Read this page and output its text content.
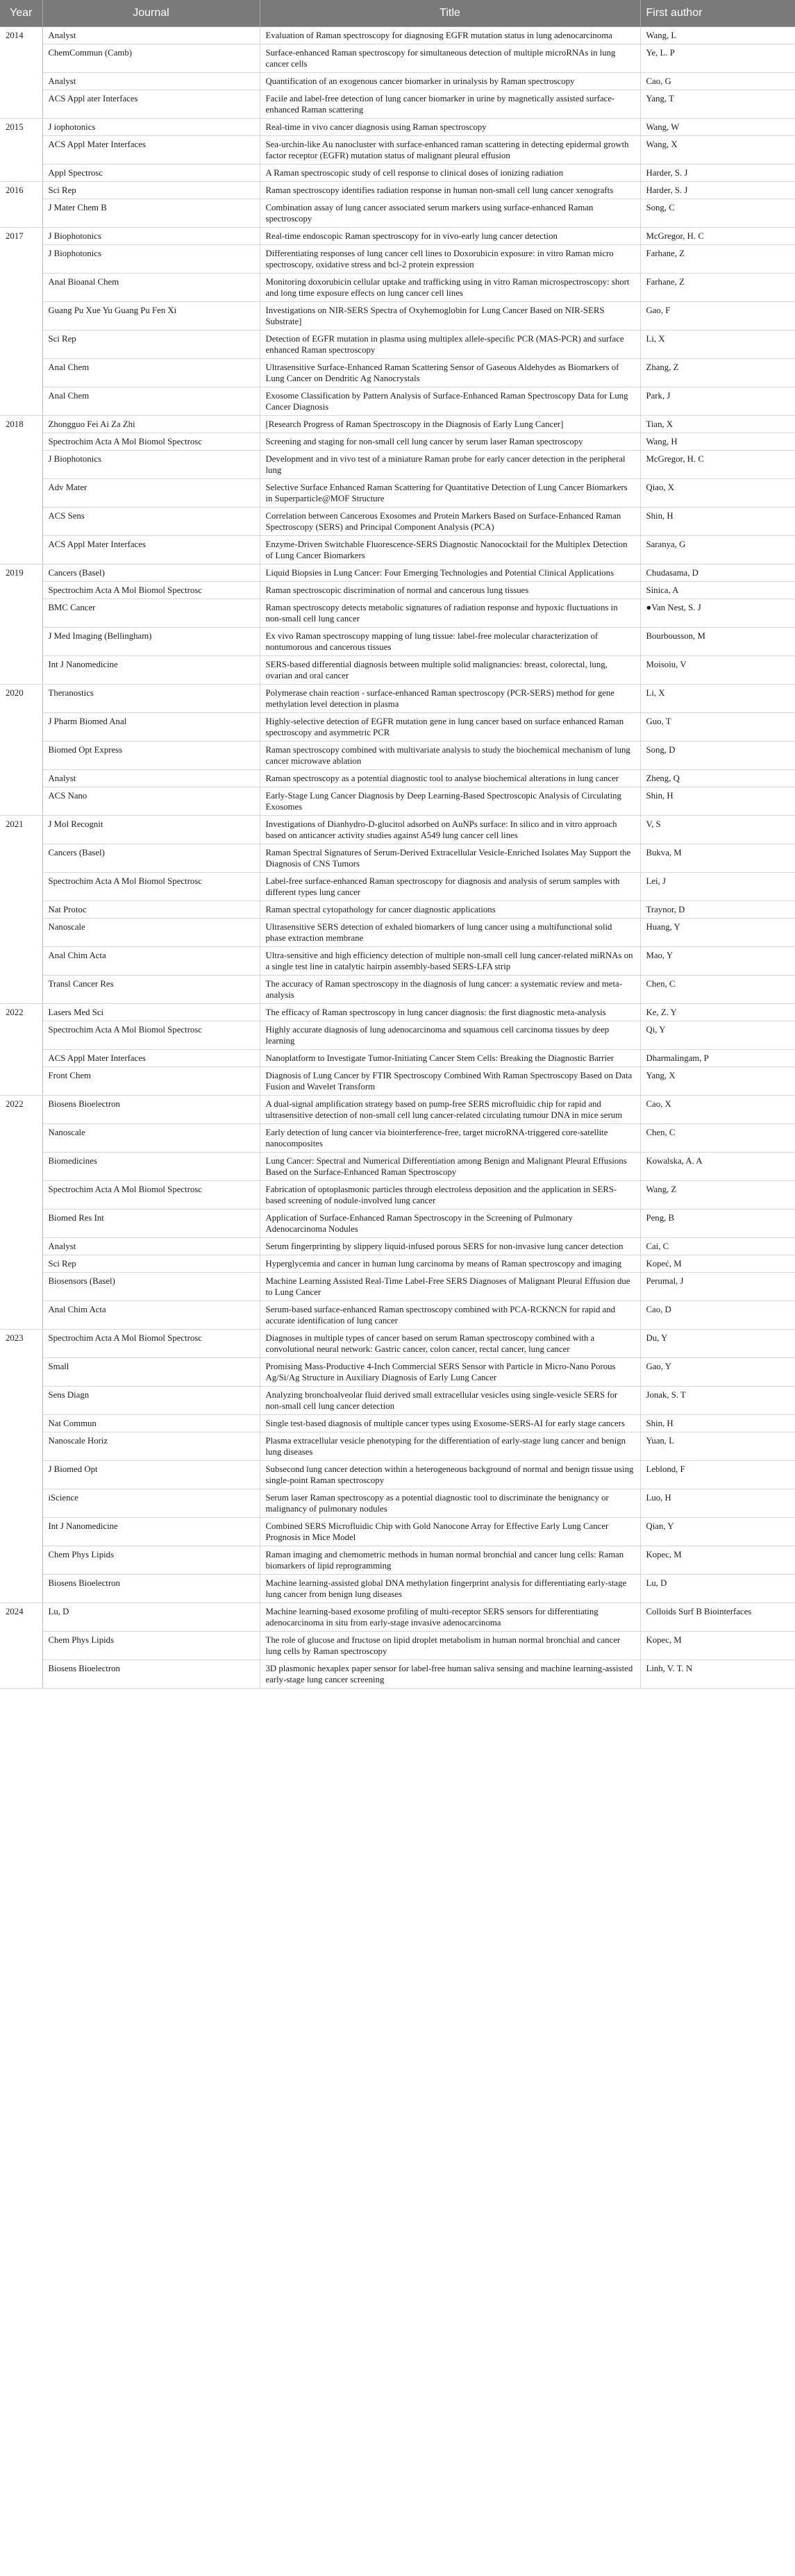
Year	Journal	Title	First author
2014	Analyst	Evaluation of Raman spectroscopy for diagnosing EGFR mutation status in lung adenocarcinoma	Wang, L
	ChemCommun (Camb)	Surface-enhanced Raman spectroscopy for simultaneous detection of multiple microRNAs in lung cancer cells	Ye, L. P
	Analyst	Quantification of an exogenous cancer biomarker in urinalysis by Raman spectroscopy	Cao, G
	ACS Appl ater Interfaces	Facile and label-free detection of lung cancer biomarker in urine by magnetically assisted surface-enhanced Raman scattering	Yang, T
2015	J iophotonics	Real-time in vivo cancer diagnosis using Raman spectroscopy	Wang, W
	ACS Appl Mater Interfaces	Sea-urchin-like Au nanocluster with surface-enhanced raman scattering in detecting epidermal growth factor receptor (EGFR) mutation status of malignant pleural effusion	Wang, X
	Appl Spectrosc	A Raman spectroscopic study of cell response to clinical doses of ionizing radiation	Harder, S. J
2016	Sci Rep	Raman spectroscopy identifies radiation response in human non-small cell lung cancer xenografts	Harder, S. J
	J Mater Chem B	Combination assay of lung cancer associated serum markers using surface-enhanced Raman spectroscopy	Song, C
2017	J Biophotonics	Real-time endoscopic Raman spectroscopy for in vivo-early lung cancer detection	McGregor, H. C
	J Biophotonics	Differentiating responses of lung cancer cell lines to Doxorubicin exposure: in vitro Raman micro spectroscopy, oxidative stress and bcl-2 protein expression	Farhane, Z
	Anal Bioanal Chem	Monitoring doxorubicin cellular uptake and trafficking using in vitro Raman microspectroscopy: short and long time exposure effects on lung cancer cell lines	Farhane, Z
	Guang Pu Xue Yu Guang Pu Fen Xi	Investigations on NIR-SERS Spectra of Oxyhemoglobin for Lung Cancer Based on NIR-SERS Substrate]	Gao, F
	Sci Rep	Detection of EGFR mutation in plasma using multiplex allele-specific PCR (MAS-PCR) and surface enhanced Raman spectroscopy	Li, X
	Anal Chem	Ultrasensitive Surface-Enhanced Raman Scattering Sensor of Gaseous Aldehydes as Biomarkers of Lung Cancer on Dendritic Ag Nanocrystals	Zhang, Z
	Anal Chem	Exosome Classification by Pattern Analysis of Surface-Enhanced Raman Spectroscopy Data for Lung Cancer Diagnosis	Park, J
2018	Zhongguo Fei Ai Za Zhi	[Research Progress of Raman Spectroscopy in the Diagnosis of Early Lung Cancer]	Tian, X
	Spectrochim Acta A Mol Biomol Spectrosc	Screening and staging for non-small cell lung cancer by serum laser Raman spectroscopy	Wang, H
	J Biophotonics	Development and in vivo test of a miniature Raman probe for early cancer detection in the peripheral lung	McGregor, H. C
	Adv Mater	Selective Surface Enhanced Raman Scattering for Quantitative Detection of Lung Cancer Biomarkers in Superparticle@MOF Structure	Qiao, X
	ACS Sens	Correlation between Cancerous Exosomes and Protein Markers Based on Surface-Enhanced Raman Spectroscopy (SERS) and Principal Component Analysis (PCA)	Shin, H
	ACS Appl Mater Interfaces	Enzyme-Driven Switchable Fluorescence-SERS Diagnostic Nanococktail for the Multiplex Detection of Lung Cancer Biomarkers	Saranya, G
2019	Cancers (Basel)	Liquid Biopsies in Lung Cancer: Four Emerging Technologies and Potential Clinical Applications	Chudasama, D
	Spectrochim Acta A Mol Biomol Spectrosc	Raman spectroscopic discrimination of normal and cancerous lung tissues	Sinica, A
	BMC Cancer	Raman spectroscopy detects metabolic signatures of radiation response and hypoxic fluctuations in non-small cell lung cancer	●Van Nest, S. J
	J Med Imaging (Bellingham)	Ex vivo Raman spectroscopy mapping of lung tissue: label-free molecular characterization of nontumorous and cancerous tissues	Bourbousson, M
	Int J Nanomedicine	SERS-based differential diagnosis between multiple solid malignancies: breast, colorectal, lung, ovarian and oral cancer	Moisoiu, V
2020	Theranostics	Polymerase chain reaction - surface-enhanced Raman spectroscopy (PCR-SERS) method for gene methylation level detection in plasma	Li, X
	J Pharm Biomed Anal	Highly-selective detection of EGFR mutation gene in lung cancer based on surface enhanced Raman spectroscopy and asymmetric PCR	Guo, T
	Biomed Opt Express	Raman spectroscopy combined with multivariate analysis to study the biochemical mechanism of lung cancer microwave ablation	Song, D
	Analyst	Raman spectroscopy as a potential diagnostic tool to analyse biochemical alterations in lung cancer	Zheng, Q
	ACS Nano	Early-Stage Lung Cancer Diagnosis by Deep Learning-Based Spectroscopic Analysis of Circulating Exosomes	Shin, H
2021	J Mol Recognit	Investigations of Dianhydro-D-glucitol adsorbed on AuNPs surface: In silico and in vitro approach based on anticancer activity studies against A549 lung cancer cell lines	V, S
	Cancers (Basel)	Raman Spectral Signatures of Serum-Derived Extracellular Vesicle-Enriched Isolates May Support the Diagnosis of CNS Tumors	Bukva, M
	Spectrochim Acta A Mol Biomol Spectrosc	Label-free surface-enhanced Raman spectroscopy for diagnosis and analysis of serum samples with different types lung cancer	Lei, J
	Nat Protoc	Raman spectral cytopathology for cancer diagnostic applications	Traynor, D
	Nanoscale	Ultrasensitive SERS detection of exhaled biomarkers of lung cancer using a multifunctional solid phase extraction membrane	Huang, Y
	Anal Chim Acta	Ultra-sensitive and high efficiency detection of multiple non-small cell lung cancer-related miRNAs on a single test line in catalytic hairpin assembly-based SERS-LFA strip	Mao, Y
	Transl Cancer Res	The accuracy of Raman spectroscopy in the diagnosis of lung cancer: a systematic review and meta-analysis	Chen, C
2022	Lasers Med Sci	The efficacy of Raman spectroscopy in lung cancer diagnosis: the first diagnostic meta-analysis	Ke, Z. Y
	Spectrochim Acta A Mol Biomol Spectrosc	Highly accurate diagnosis of lung adenocarcinoma and squamous cell carcinoma tissues by deep learning	Qi, Y
	ACS Appl Mater Interfaces	Nanoplatform to Investigate Tumor-Initiating Cancer Stem Cells: Breaking the Diagnostic Barrier	Dharmalingam, P
	Front Chem	Diagnosis of Lung Cancer by FTIR Spectroscopy Combined With Raman Spectroscopy Based on Data Fusion and Wavelet Transform	Yang, X
2022	Biosens Bioelectron	A dual-signal amplification strategy based on pump-free SERS microfluidic chip for rapid and ultrasensitive detection of non-small cell lung cancer-related circulating tumour DNA in mice serum	Cao, X
	Nanoscale	Early detection of lung cancer via biointerference-free, target microRNA-triggered core-satellite nanocomposites	Chen, C
	Biomedicines	Lung Cancer: Spectral and Numerical Differentiation among Benign and Malignant Pleural Effusions Based on the Surface-Enhanced Raman Spectroscopy	Kowalska, A. A
	Spectrochim Acta A Mol Biomol Spectrosc	Fabrication of optoplasmonic particles through electroless deposition and the application in SERS-based screening of nodule-involved lung cancer	Wang, Z
	Biomed Res Int	Application of Surface-Enhanced Raman Spectroscopy in the Screening of Pulmonary Adenocarcinoma Nodules	Peng, B
	Analyst	Serum fingerprinting by slippery liquid-infused porous SERS for non-invasive lung cancer detection	Cai, C
	Sci Rep	Hyperglycemia and cancer in human lung carcinoma by means of Raman spectroscopy and imaging	Kopeć, M
	Biosensors (Basel)	Machine Learning Assisted Real-Time Label-Free SERS Diagnoses of Malignant Pleural Effusion due to Lung Cancer	Perumal, J
	Anal Chim Acta	Serum-based surface-enhanced Raman spectroscopy combined with PCA-RCKNCN for rapid and accurate identification of lung cancer	Cao, D
2023	Spectrochim Acta A Mol Biomol Spectrosc	Diagnoses in multiple types of cancer based on serum Raman spectroscopy combined with a convolutional neural network: Gastric cancer, colon cancer, rectal cancer, lung cancer	Du, Y
	Small	Promising Mass-Productive 4-Inch Commercial SERS Sensor with Particle in Micro-Nano Porous Ag/Si/Ag Structure in Auxiliary Diagnosis of Early Lung Cancer	Gao, Y
	Sens Diagn	Analyzing bronchoalveolar fluid derived small extracellular vesicles using single-vesicle SERS for non-small cell lung cancer detection	Jonak, S. T
	Nat Commun	Single test-based diagnosis of multiple cancer types using Exosome-SERS-AI for early stage cancers	Shin, H
	Nanoscale Horiz	Plasma extracellular vesicle phenotyping for the differentiation of early-stage lung cancer and benign lung diseases	Yuan, L
	J Biomed Opt	Subsecond lung cancer detection within a heterogeneous background of normal and benign tissue using single-point Raman spectroscopy	Leblond, F
	iScience	Serum laser Raman spectroscopy as a potential diagnostic tool to discriminate the benignancy or malignancy of pulmonary nodules	Luo, H
	Int J Nanomedicine	Combined SERS Microfluidic Chip with Gold Nanocone Array for Effective Early Lung Cancer Prognosis in Mice Model	Qian, Y
	Chem Phys Lipids	Raman imaging and chemometric methods in human normal bronchial and cancer lung cells: Raman biomarkers of lipid reprogramming	Kopec, M
	Biosens Bioelectron	Machine learning-assisted global DNA methylation fingerprint analysis for differentiating early-stage lung cancer from benign lung diseases	Lu, D
2024	Lu, D	Machine learning-based exosome profiling of multi-receptor SERS sensors for differentiating adenocarcinoma in situ from early-stage invasive adenocarcinoma	Colloids Surf B Biointerfaces
	Chem Phys Lipids	The role of glucose and fructose on lipid droplet metabolism in human normal bronchial and cancer lung cells by Raman spectroscopy	Kopec, M
	Biosens Bioelectron	3D plasmonic hexaplex paper sensor for label-free human saliva sensing and machine learning-assisted early-stage lung cancer screening	Linh, V. T. N
